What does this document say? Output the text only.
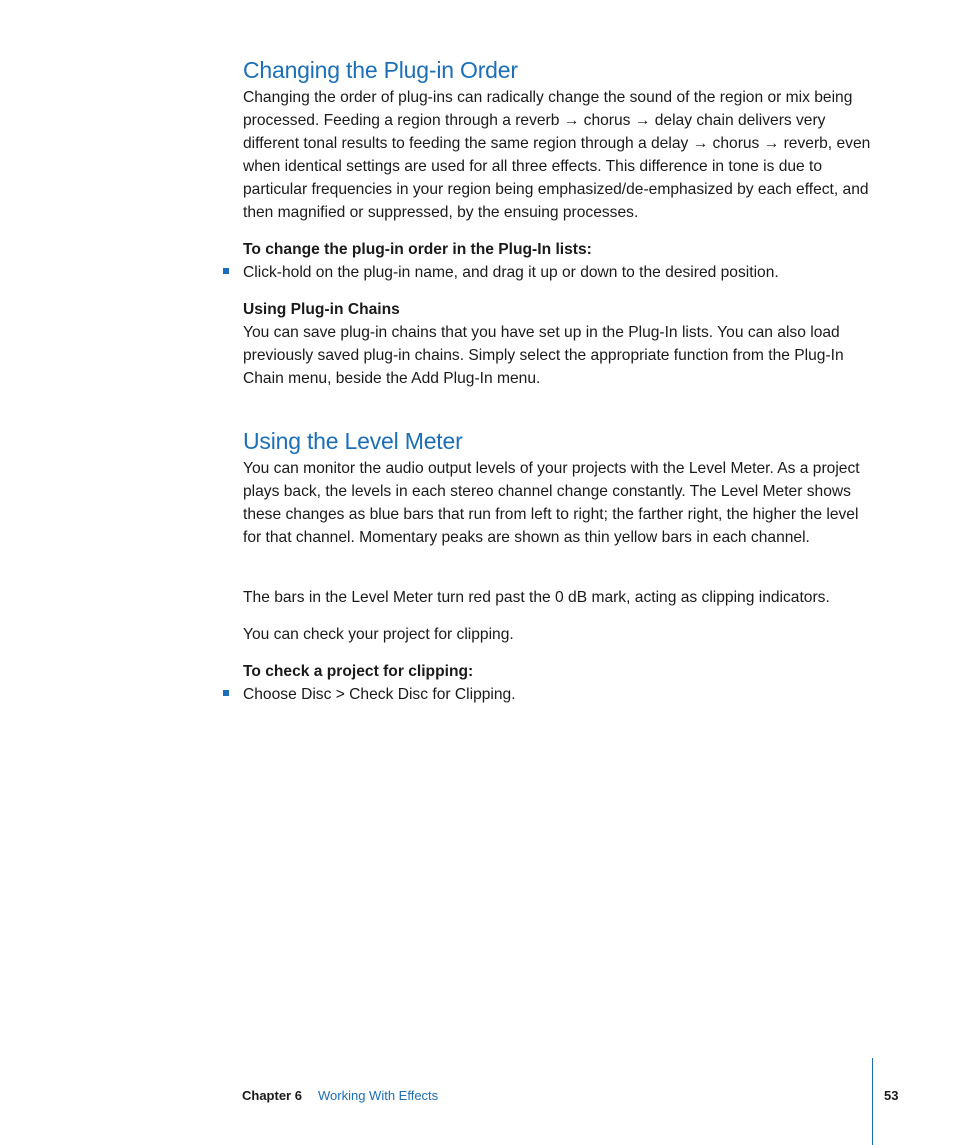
Changing the Plug-in Order

Changing the order of plug-ins can radically change the sound of the region or mix being processed. Feeding a region through a reverb → chorus → delay chain delivers very different tonal results to feeding the same region through a delay → chorus → reverb, even when identical settings are used for all three effects. This difference in tone is due to particular frequencies in your region being emphasized/de-emphasized by each effect, and then magnified or suppressed, by the ensuing processes.

To change the plug-in order in the Plug-In lists:

Click-hold on the plug-in name, and drag it up or down to the desired position.

Using Plug-in Chains
You can save plug-in chains that you have set up in the Plug-In lists. You can also load previously saved plug-in chains. Simply select the appropriate function from the Plug-In Chain menu, beside the Add Plug-In menu.
Using the Level Meter

You can monitor the audio output levels of your projects with the Level Meter. As a project plays back, the levels in each stereo channel change constantly. The Level Meter shows these changes as blue bars that run from left to right; the farther right, the higher the level for that channel. Momentary peaks are shown as thin yellow bars in each channel.

The bars in the Level Meter turn red past the 0 dB mark, acting as clipping indicators.

You can check your project for clipping.

To check a project for clipping:

Choose Disc > Check Disc for Clipping.

Chapter 6 Working With Effects	53
